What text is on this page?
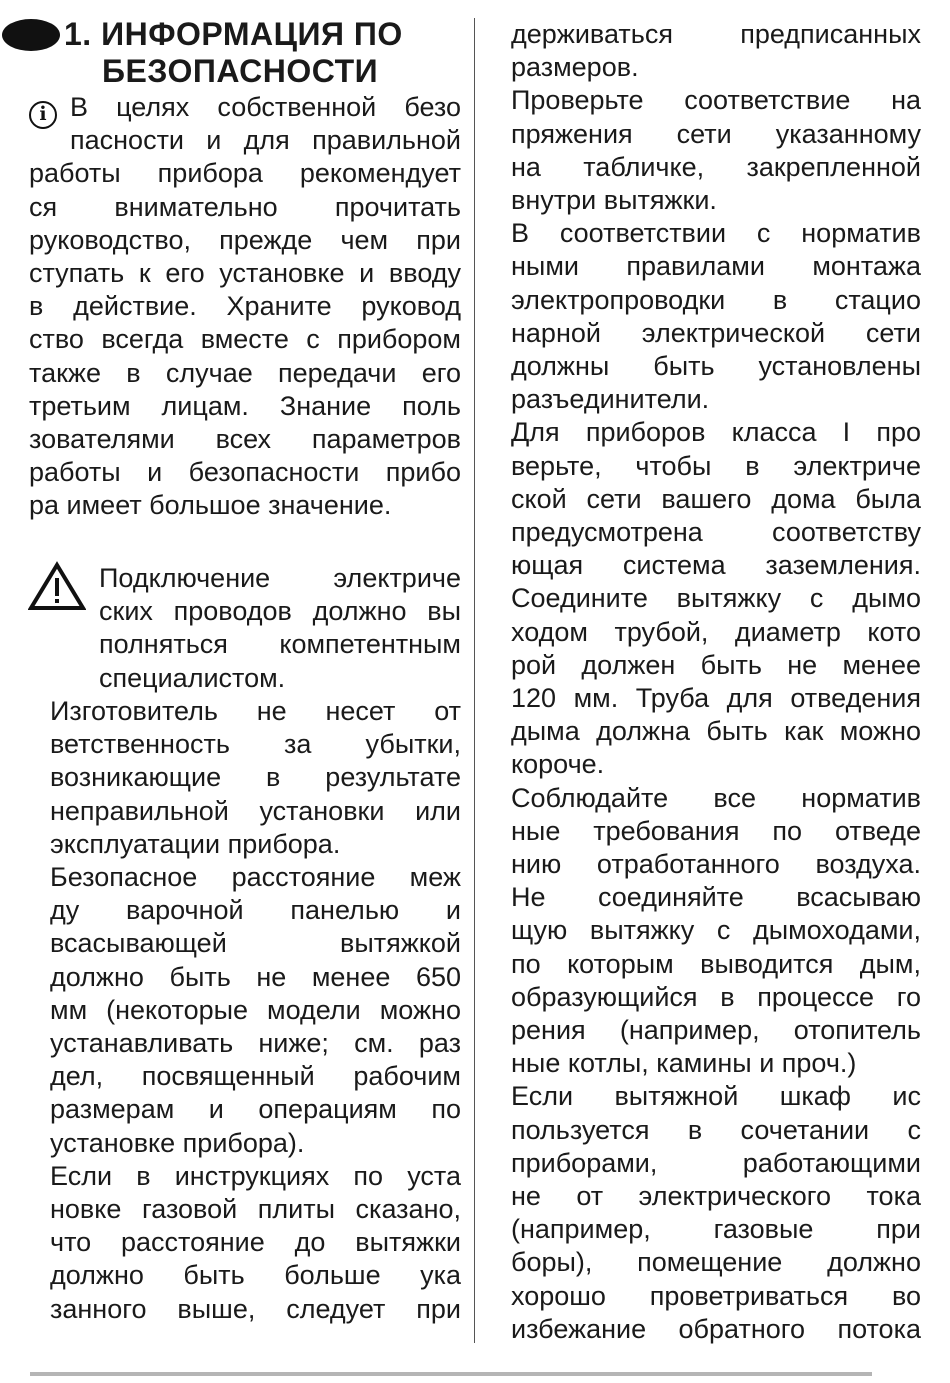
1. ИНФОРМАЦИЯ ПО
БЕЗОПАСНОСТИ
i В целях собственной безо
пасности и для правильной
работы прибора рекомендует
ся внимательно прочитать
руководство, прежде чем при
ступать к его установке и вводу
в действие. Храните руковод
ство всегда вместе с прибором
также в случае передачи его
третьим лицам. Знание поль
зователями всех параметров
работы и безопасности прибо
ра имеет большое значение.
Подключение электриче
ских проводов должно вы
полняться компетентным
специалистом.
Изготовитель не несет от
ветственность за убытки,
возникающие в результате
неправильной установки или
эксплуатации прибора.
Безопасное расстояние меж
ду варочной панелью и
всасывающей вытяжкой
должно быть не менее 650
мм (некоторые модели можно
устанавливать ниже; см. раз
дел, посвященный рабочим
размерам и операциям по
установке прибора).
Если в инструкциях по уста
новке газовой плиты сказано,
что расстояние до вытяжки
должно быть больше ука
занного выше, следует при
держиваться предписанных
размеров.
Проверьте соответствие на
пряжения сети указанному
на табличке, закрепленной
внутри вытяжки.
В соответствии с норматив
ными правилами монтажа
электропроводки в стацио
нарной электрической сети
должны быть установлены
разъединители.
Для приборов класса I про
верьте, чтобы в электриче
ской сети вашего дома была
предусмотрена соответству
ющая система заземления.
Соедините вытяжку с дымо
ходом трубой, диаметр кото
рой должен быть не менее
120 мм. Труба для отведения
дыма должна быть как можно
короче.
Соблюдайте все норматив
ные требования по отведе
нию отработанного воздуха.
Не соединяйте всасываю
щую вытяжку с дымоходами,
по которым выводится дым,
образующийся в процессе го
рения (например, отопитель
ные котлы, камины и проч.)
Если вытяжной шкаф ис
пользуется в сочетании с
приборами, работающими
не от электрического тока
(например, газовые при
боры), помещение должно
хорошо проветриваться во
избежание обратного потока
